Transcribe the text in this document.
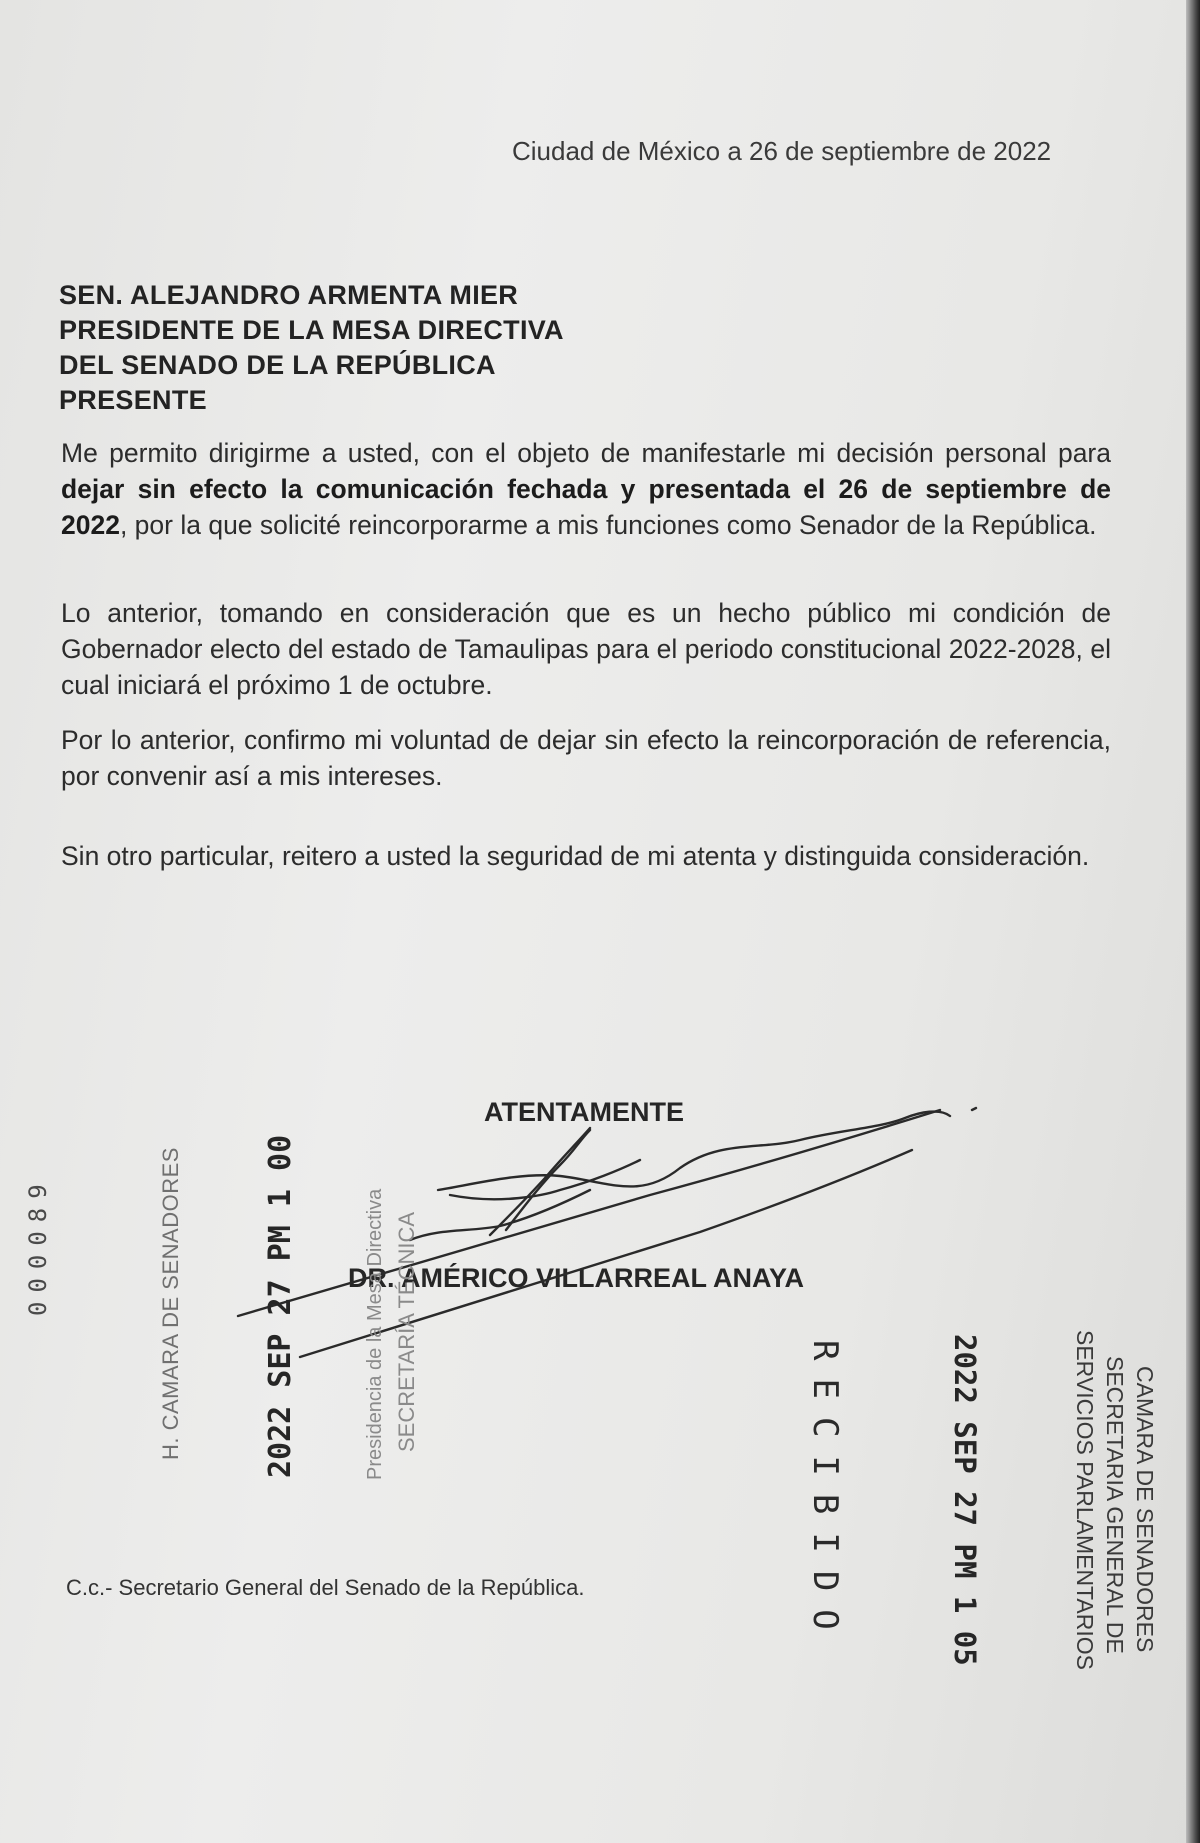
Ciudad de México a 26 de septiembre de 2022
SEN. ALEJANDRO ARMENTA MIER
PRESIDENTE DE LA MESA DIRECTIVA
DEL SENADO DE LA REPÚBLICA
PRESENTE
Me permito dirigirme a usted, con el objeto de manifestarle mi decisión personal para dejar sin efecto la comunicación fechada y presentada el 26 de septiembre de 2022, por la que solicité reincorporarme a mis funciones como Senador de la República.
Lo anterior, tomando en consideración que es un hecho público mi condición de Gobernador electo del estado de Tamaulipas para el periodo constitucional 2022-2028, el cual iniciará el próximo 1 de octubre.
Por lo anterior, confirmo mi voluntad de dejar sin efecto la reincorporación de referencia, por convenir así a mis intereses.
Sin otro particular, reitero a usted la seguridad de mi atenta y distinguida consideración.
ATENTAMENTE
DR. AMÉRICO VILLARREAL ANAYA
000089	H. CAMARA DE SENADORES	2022 SEP 27 PM 1 00	Presidencia de la Mesa Directiva SECRETARÍA TÉCNICA
RECIBIDO	2022 SEP 27 PM 1 05	CAMARA DE SENADORES
SECRETARIA GENERAL DE
SERVICIOS PARLAMENTARIOS
C.c.- Secretario General del Senado de la República.
